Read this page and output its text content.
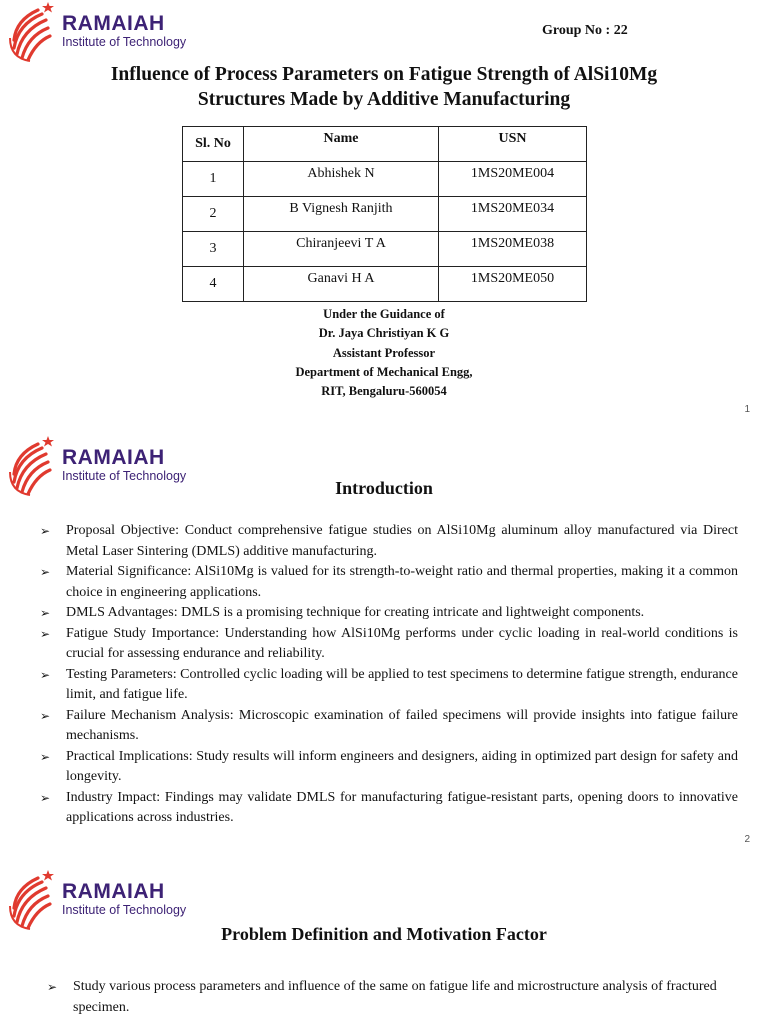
RAMAIAH
Institute of Technology
Group No : 22
Influence of Process Parameters on Fatigue Strength of AlSi10Mg
Structures Made by Additive Manufacturing
Sl. No	Name	USN
1	Abhishek N	1MS20ME004
2	B Vignesh Ranjith	1MS20ME034
3	Chiranjeevi T A	1MS20ME038
4	Ganavi H A	1MS20ME050
Under the Guidance of
Dr. Jaya Christiyan K G
Assistant Professor
Department of Mechanical Engg,
RIT, Bengaluru-560054
1
RAMAIAH
Institute of Technology
Introduction
➢ Proposal Objective: Conduct comprehensive fatigue studies on AlSi10Mg aluminum alloy manufactured via Direct Metal Laser Sintering (DMLS) additive manufacturing.
➢ Material Significance: AlSi10Mg is valued for its strength-to-weight ratio and thermal properties, making it a common choice in engineering applications.
➢ DMLS Advantages: DMLS is a promising technique for creating intricate and lightweight components.
➢ Fatigue Study Importance: Understanding how AlSi10Mg performs under cyclic loading in real-world conditions is crucial for assessing endurance and reliability.
➢ Testing Parameters: Controlled cyclic loading will be applied to test specimens to determine fatigue strength, endurance limit, and fatigue life.
➢ Failure Mechanism Analysis: Microscopic examination of failed specimens will provide insights into fatigue failure mechanisms.
➢ Practical Implications: Study results will inform engineers and designers, aiding in optimized part design for safety and longevity.
➢ Industry Impact: Findings may validate DMLS for manufacturing fatigue-resistant parts, opening doors to innovative applications across industries.
2
RAMAIAH
Institute of Technology
Problem Definition and Motivation Factor
➢ Study various process parameters and influence of the same on fatigue life and microstructure analysis of fractured specimen.
